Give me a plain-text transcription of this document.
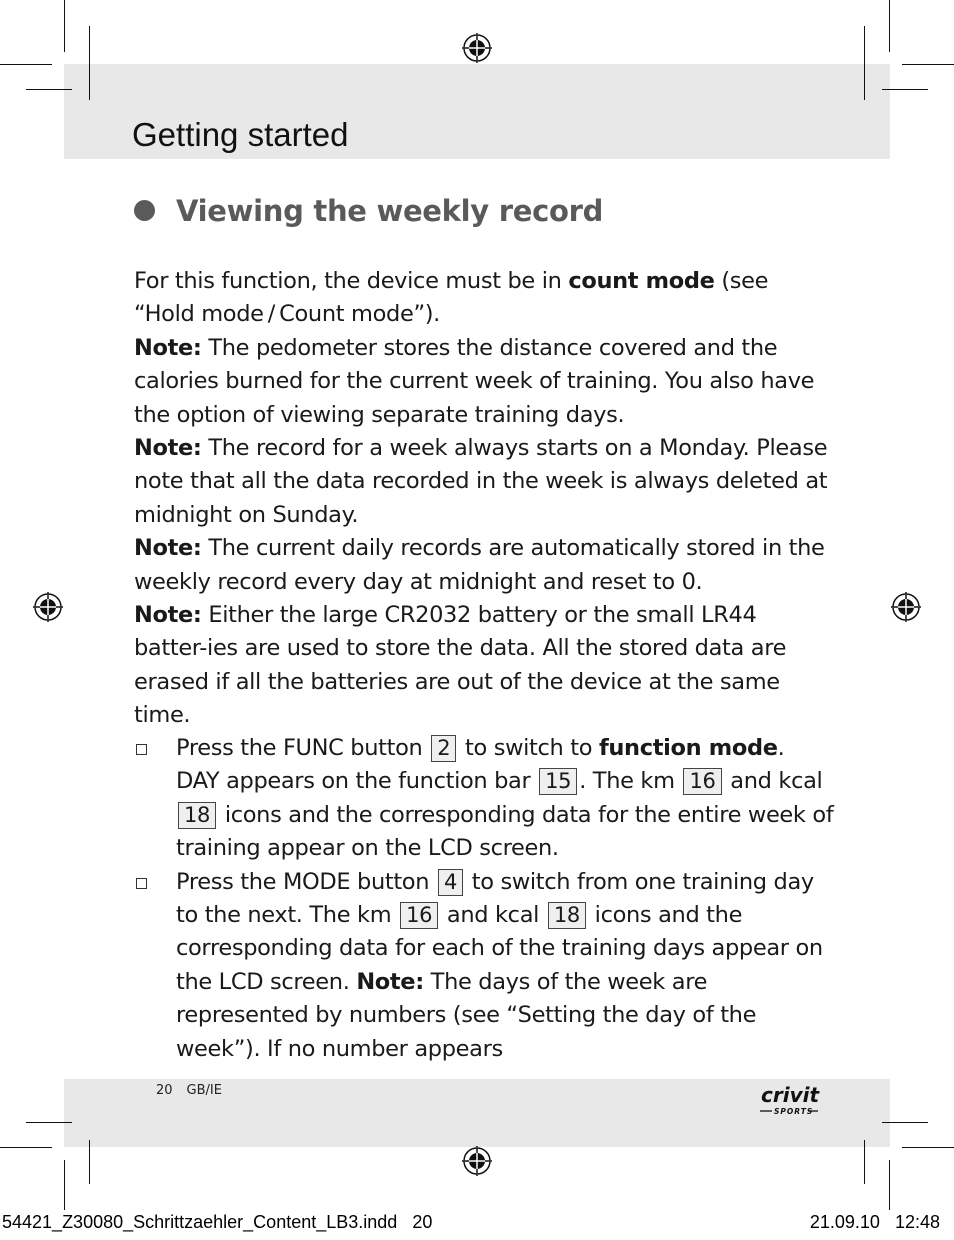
Getting started
Viewing the weekly record

For this function, the device must be in count mode (see “Hold mode / Count mode”).

Note: The pedometer stores the distance covered and the calories burned for the current week of training. You also have the option of viewing separate training days.

Note: The record for a week always starts on a Monday. Please note that all the data recorded in the week is always deleted at midnight on Sunday.

Note: The current daily records are automatically stored in the weekly record every day at midnight and reset to 0.

Note: Either the large CR2032 battery or the small LR44 batter-ies are used to store the data. All the stored data are erased if all the batteries are out of the device at the same time.

Press the FUNC button 2 to switch to function mode. DAY appears on the function bar 15 . The km 16 and kcal 18 icons and the corresponding data for the entire week of training appear on the LCD screen.
Press the MODE button 4 to switch from one training day to the next. The km 16 and kcal 18 icons and the corresponding data for each of the training days appear on the LCD screen. Note: The days of the week are represented by numbers (see “Setting the day of the week”). If no number appears
20 GB/IE	crivit
SPORTS
54421_Z30080_Schrittzaehler_Content_LB3.indd 20	21.09.10 12:48
